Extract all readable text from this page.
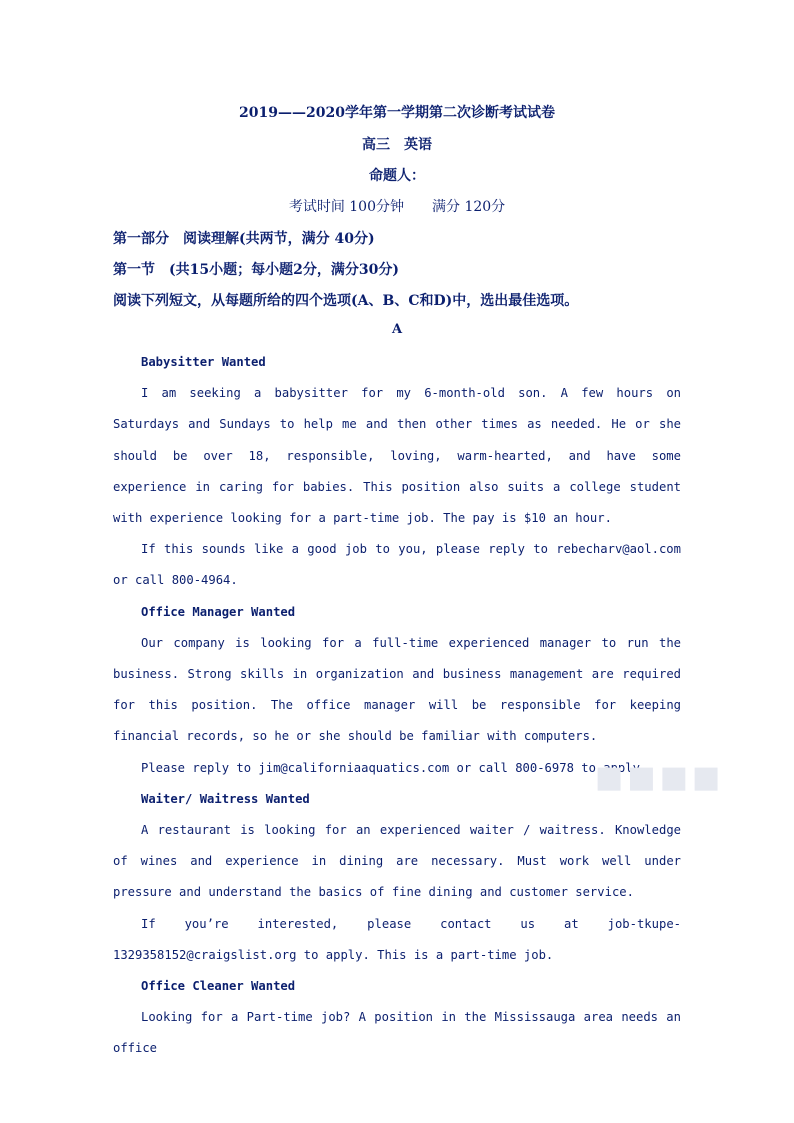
2019——2020学年第一学期第二次诊断考试试卷
高三　英语
命题人：
考试时间 100分钟　　满分 120分
第一部分　阅读理解(共两节，满分 40分)
第一节　(共15小题；每小题2分，满分30分)
阅读下列短文，从每题所给的四个选项(A、B、C和D)中，选出最佳选项。
A

Babysitter Wanted

I am seeking a babysitter for my 6-month-old son. A few hours on Saturdays and Sundays to help me and then other times as needed. He or she should be over 18, responsible, loving, warm-hearted, and have some experience in caring for babies. This position also suits a college student with experience looking for a part-time job. The pay is $10 an hour.

If this sounds like a good job to you, please reply to rebecharv@aol.com or call 800-4964.

Office Manager Wanted

Our company is looking for a full-time experienced manager to run the business. Strong skills in organization and business management are required for this position. The office manager will be responsible for keeping financial records, so he or she should be familiar with computers.

Please reply to jim@californiaaquatics.com or call 800-6978 to apply.

Waiter/ Waitress Wanted

A restaurant is looking for an experienced waiter / waitress. Knowledge of wines and experience in dining are necessary. Must work well under pressure and understand the basics of fine dining and customer service.

If you’re interested, please contact us at job-tkupe-1329358152@craigslist.org to apply. This is a part-time job.

Office Cleaner Wanted

Looking for a Part-time job? A position in the Mississauga area needs an office

■■■■
